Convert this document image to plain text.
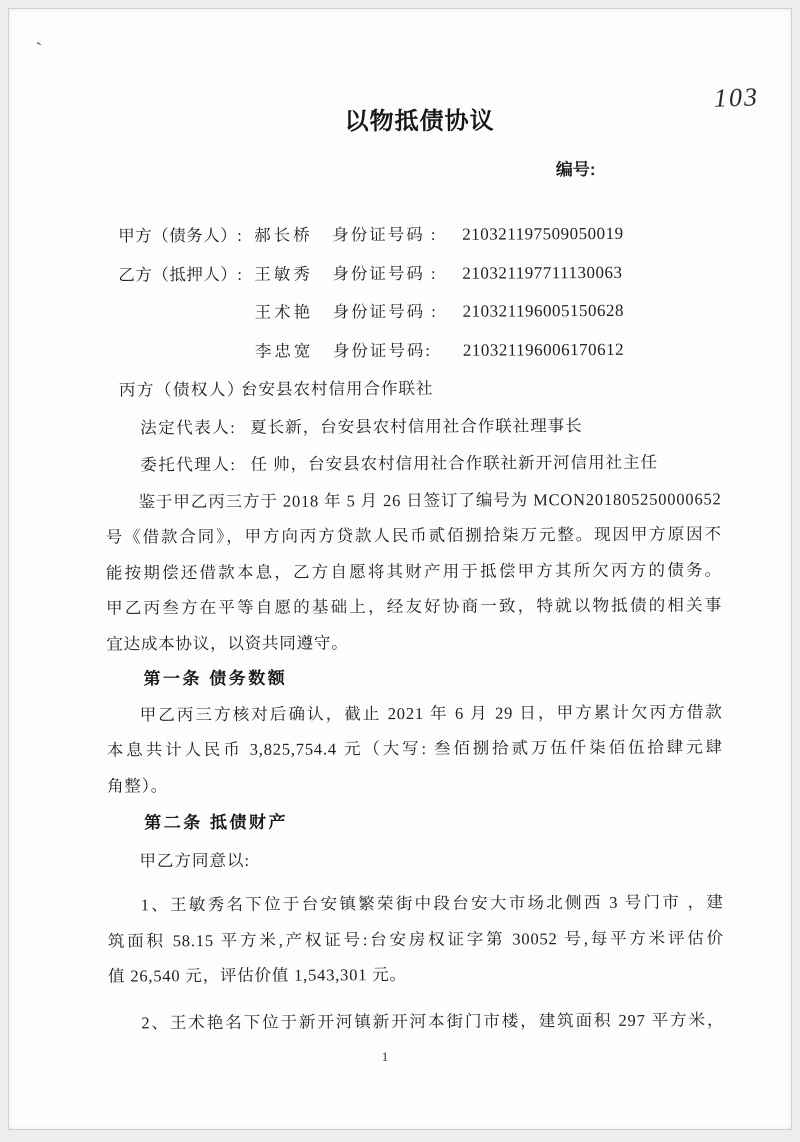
`
103
以物抵债协议
编号:
甲方（债务人）: 郝长桥 身份证号码 : 210321197509050019
乙方（抵押人）: 王敏秀 身份证号码 : 210321197711130063
王术艳 身份证号码 : 210321196005150628
李忠宽 身份证号码: 210321196006170612
丙方（债权人）:台安县农村信用合作联社
法定代表人: 夏长新，台安县农村信用社合作联社理事长
委托代理人: 任 帅，台安县农村信用社合作联社新开河信用社主任
鉴于甲乙丙三方于 2018 年 5 月 26 日签订了编号为 MCON201805250000652
号《借款合同》，甲方向丙方贷款人民币贰佰捌拾柒万元整。现因甲方原因不
能按期偿还借款本息，乙方自愿将其财产用于抵偿甲方其所欠丙方的债务。
甲乙丙叁方在平等自愿的基础上，经友好协商一致，特就以物抵债的相关事
宜达成本协议，以资共同遵守。
第一条 债务数额
甲乙丙三方核对后确认，截止 2021 年 6 月 29 日，甲方累计欠丙方借款
本息共计人民币 3,825,754.4 元（大写: 叁佰捌拾贰万伍仟柒佰伍拾肆元肆
角整）。
第二条 抵债财产
甲乙方同意以:
1、王敏秀名下位于台安镇繁荣街中段台安大市场北侧西 3 号门市 ，建
筑面积 58.15 平方米,产权证号:台安房权证字第 30052 号,每平方米评估价
值 26,540 元，评估价值 1,543,301 元。
2、王术艳名下位于新开河镇新开河本街门市楼，建筑面积 297 平方米，
1
